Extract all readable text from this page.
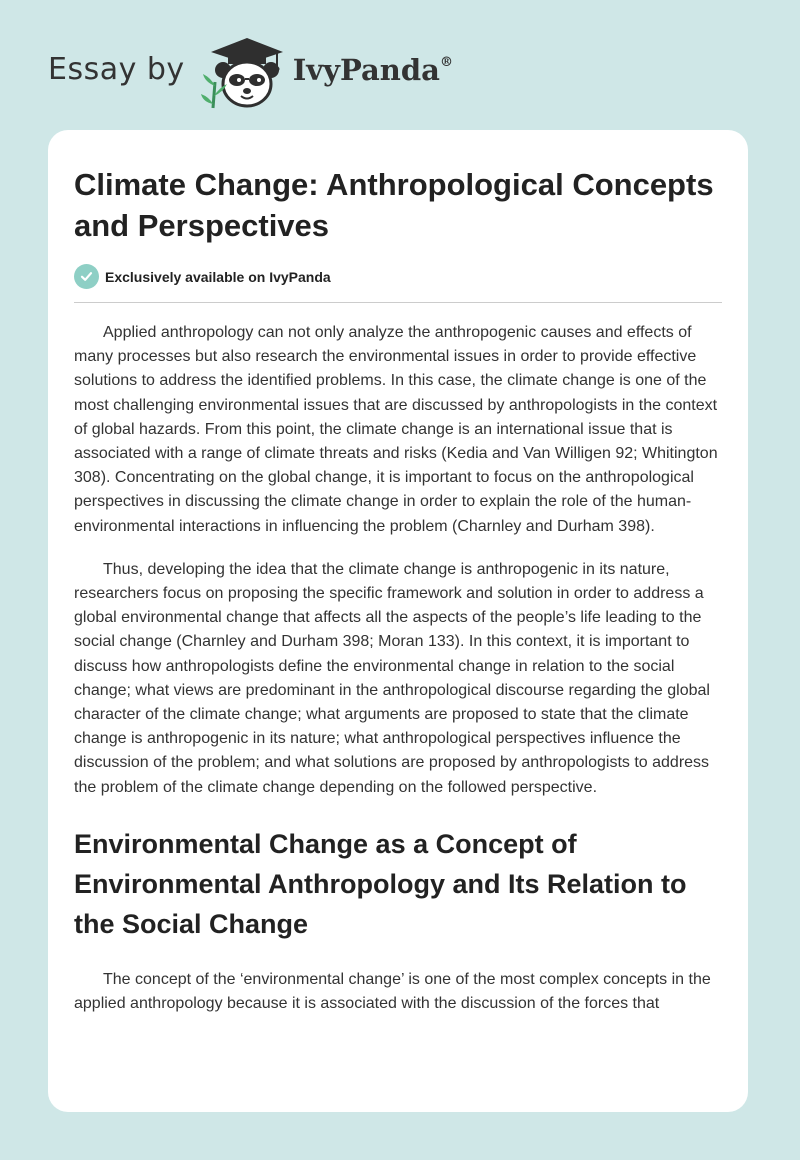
Essay by	IvyPanda®
Climate Change: Anthropological Concepts and Perspectives
Exclusively available on IvyPanda

Applied anthropology can not only analyze the anthropogenic causes and effects of many processes but also research the environmental issues in order to provide effective solutions to address the identified problems. In this case, the climate change is one of the most challenging environmental issues that are discussed by anthropologists in the context of global hazards. From this point, the climate change is an international issue that is associated with a range of climate threats and risks (Kedia and Van Willigen 92; Whitington 308). Concentrating on the global change, it is important to focus on the anthropological perspectives in discussing the climate change in order to explain the role of the human-environmental interactions in influencing the problem (Charnley and Durham 398).

Thus, developing the idea that the climate change is anthropogenic in its nature, researchers focus on proposing the specific framework and solution in order to address a global environmental change that affects all the aspects of the people’s life leading to the social change (Charnley and Durham 398; Moran 133). In this context, it is important to discuss how anthropologists define the environmental change in relation to the social change; what views are predominant in the anthropological discourse regarding the global character of the climate change; what arguments are proposed to state that the climate change is anthropogenic in its nature; what anthropological perspectives influence the discussion of the problem; and what solutions are proposed by anthropologists to address the problem of the climate change depending on the followed perspective.

Environmental Change as a Concept of Environmental Anthropology and Its Relation to the Social Change

The concept of the ‘environmental change’ is one of the most complex concepts in the applied anthropology because it is associated with the discussion of the forces that
